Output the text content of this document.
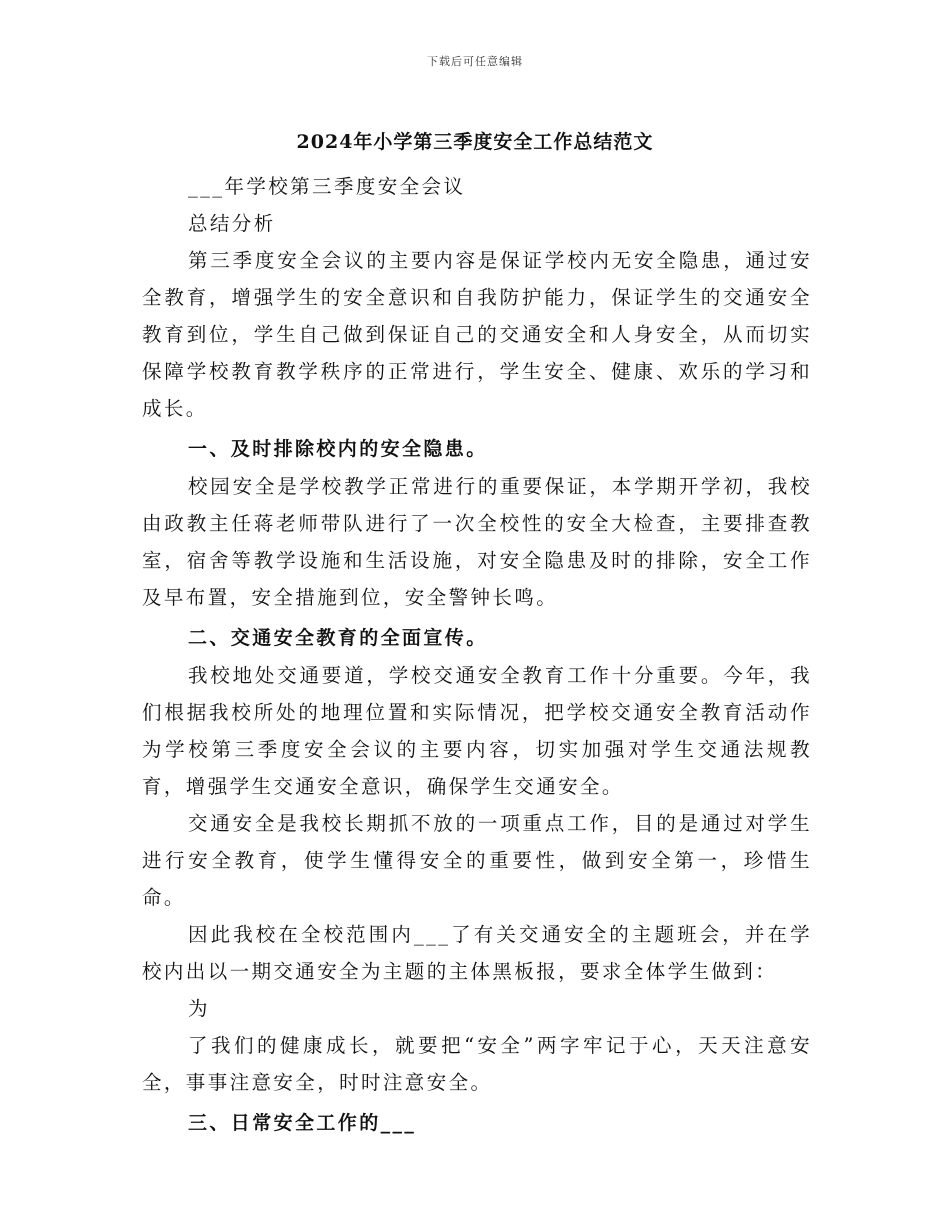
下载后可任意编辑
2024年小学第三季度安全工作总结范文

___年学校第三季度安全会议

总结分析

第三季度安全会议的主要内容是保证学校内无安全隐患，通过安全教育，增强学生的安全意识和自我防护能力，保证学生的交通安全教育到位，学生自己做到保证自己的交通安全和人身安全，从而切实保障学校教育教学秩序的正常进行，学生安全、健康、欢乐的学习和成长。

一、及时排除校内的安全隐患。

校园安全是学校教学正常进行的重要保证，本学期开学初，我校由政教主任蒋老师带队进行了一次全校性的安全大检查，主要排查教室，宿舍等教学设施和生活设施，对安全隐患及时的排除，安全工作及早布置，安全措施到位，安全警钟长鸣。

二、交通安全教育的全面宣传。

我校地处交通要道，学校交通安全教育工作十分重要。今年，我们根据我校所处的地理位置和实际情况，把学校交通安全教育活动作为学校第三季度安全会议的主要内容，切实加强对学生交通法规教育，增强学生交通安全意识，确保学生交通安全。

交通安全是我校长期抓不放的一项重点工作，目的是通过对学生进行安全教育，使学生懂得安全的重要性，做到安全第一，珍惜生命。

因此我校在全校范围内___了有关交通安全的主题班会，并在学校内出以一期交通安全为主题的主体黑板报，要求全体学生做到：

为

了我们的健康成长，就要把“安全”两字牢记于心，天天注意安全，事事注意安全，时时注意安全。

三、日常安全工作的___
